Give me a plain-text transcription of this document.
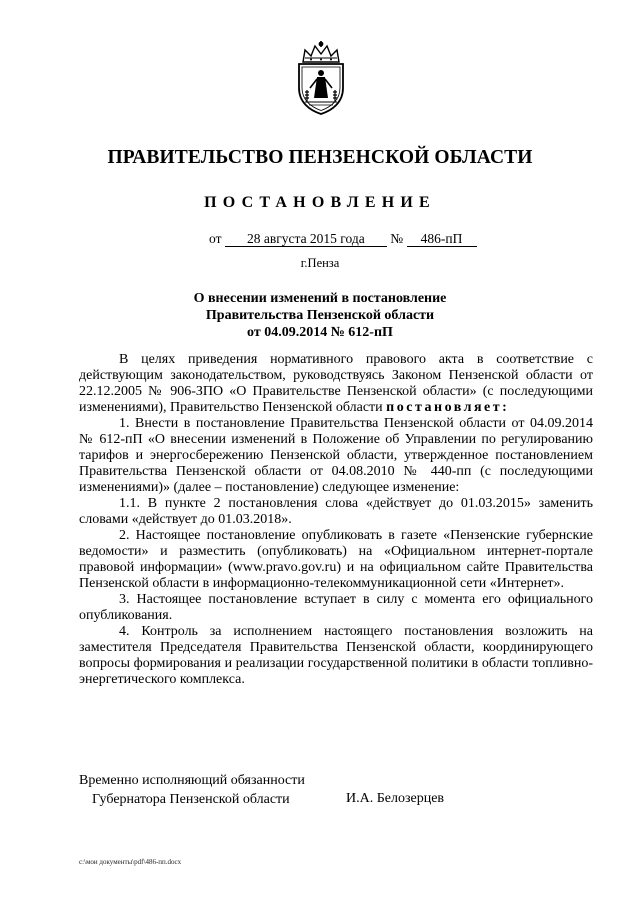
ПРАВИТЕЛЬСТВО ПЕНЗЕНСКОЙ ОБЛАСТИ
ПОСТАНОВЛЕНИЕ
от 28 августа 2015 года № 486-пП
г.Пенза
О внесении изменений в постановление
Правительства Пензенской области
от 04.09.2014 № 612-пП

В целях приведения нормативного правового акта в соответствие с действующим законодательством, руководствуясь Законом Пензенской области от 22.12.2005 № 906-ЗПО «О Правительстве Пензенской области» (с последующими изменениями), Правительство Пензенской области постановляет:

1. Внести в постановление Правительства Пензенской области от 04.09.2014 № 612-пП «О внесении изменений в Положение об Управлении по регулированию тарифов и энергосбережению Пензенской области, утвержденное постановлением Правительства Пензенской области от 04.08.2010 № 440-пп (с последующими изменениями)» (далее – постановление) следующее изменение:

1.1. В пункте 2 постановления слова «действует до 01.03.2015» заменить словами «действует до 01.03.2018».

2. Настоящее постановление опубликовать в газете «Пензенские губернские ведомости» и разместить (опубликовать) на «Официальном интернет-портале правовой информации» (www.pravo.gov.ru) и на официальном сайте Правительства Пензенской области в информационно-телекоммуникационной сети «Интернет».

3. Настоящее постановление вступает в силу с момента его официального опубликования.

4. Контроль за исполнением настоящего постановления возложить на заместителя Председателя Правительства Пензенской области, координирующего вопросы формирования и реализации государственной политики в области топливно-энергетического комплекса.

Временно исполняющий обязанности
Губернатора Пензенской области	И.А. Белозерцев
c:\мои документы\pdf\486-пп.docx
